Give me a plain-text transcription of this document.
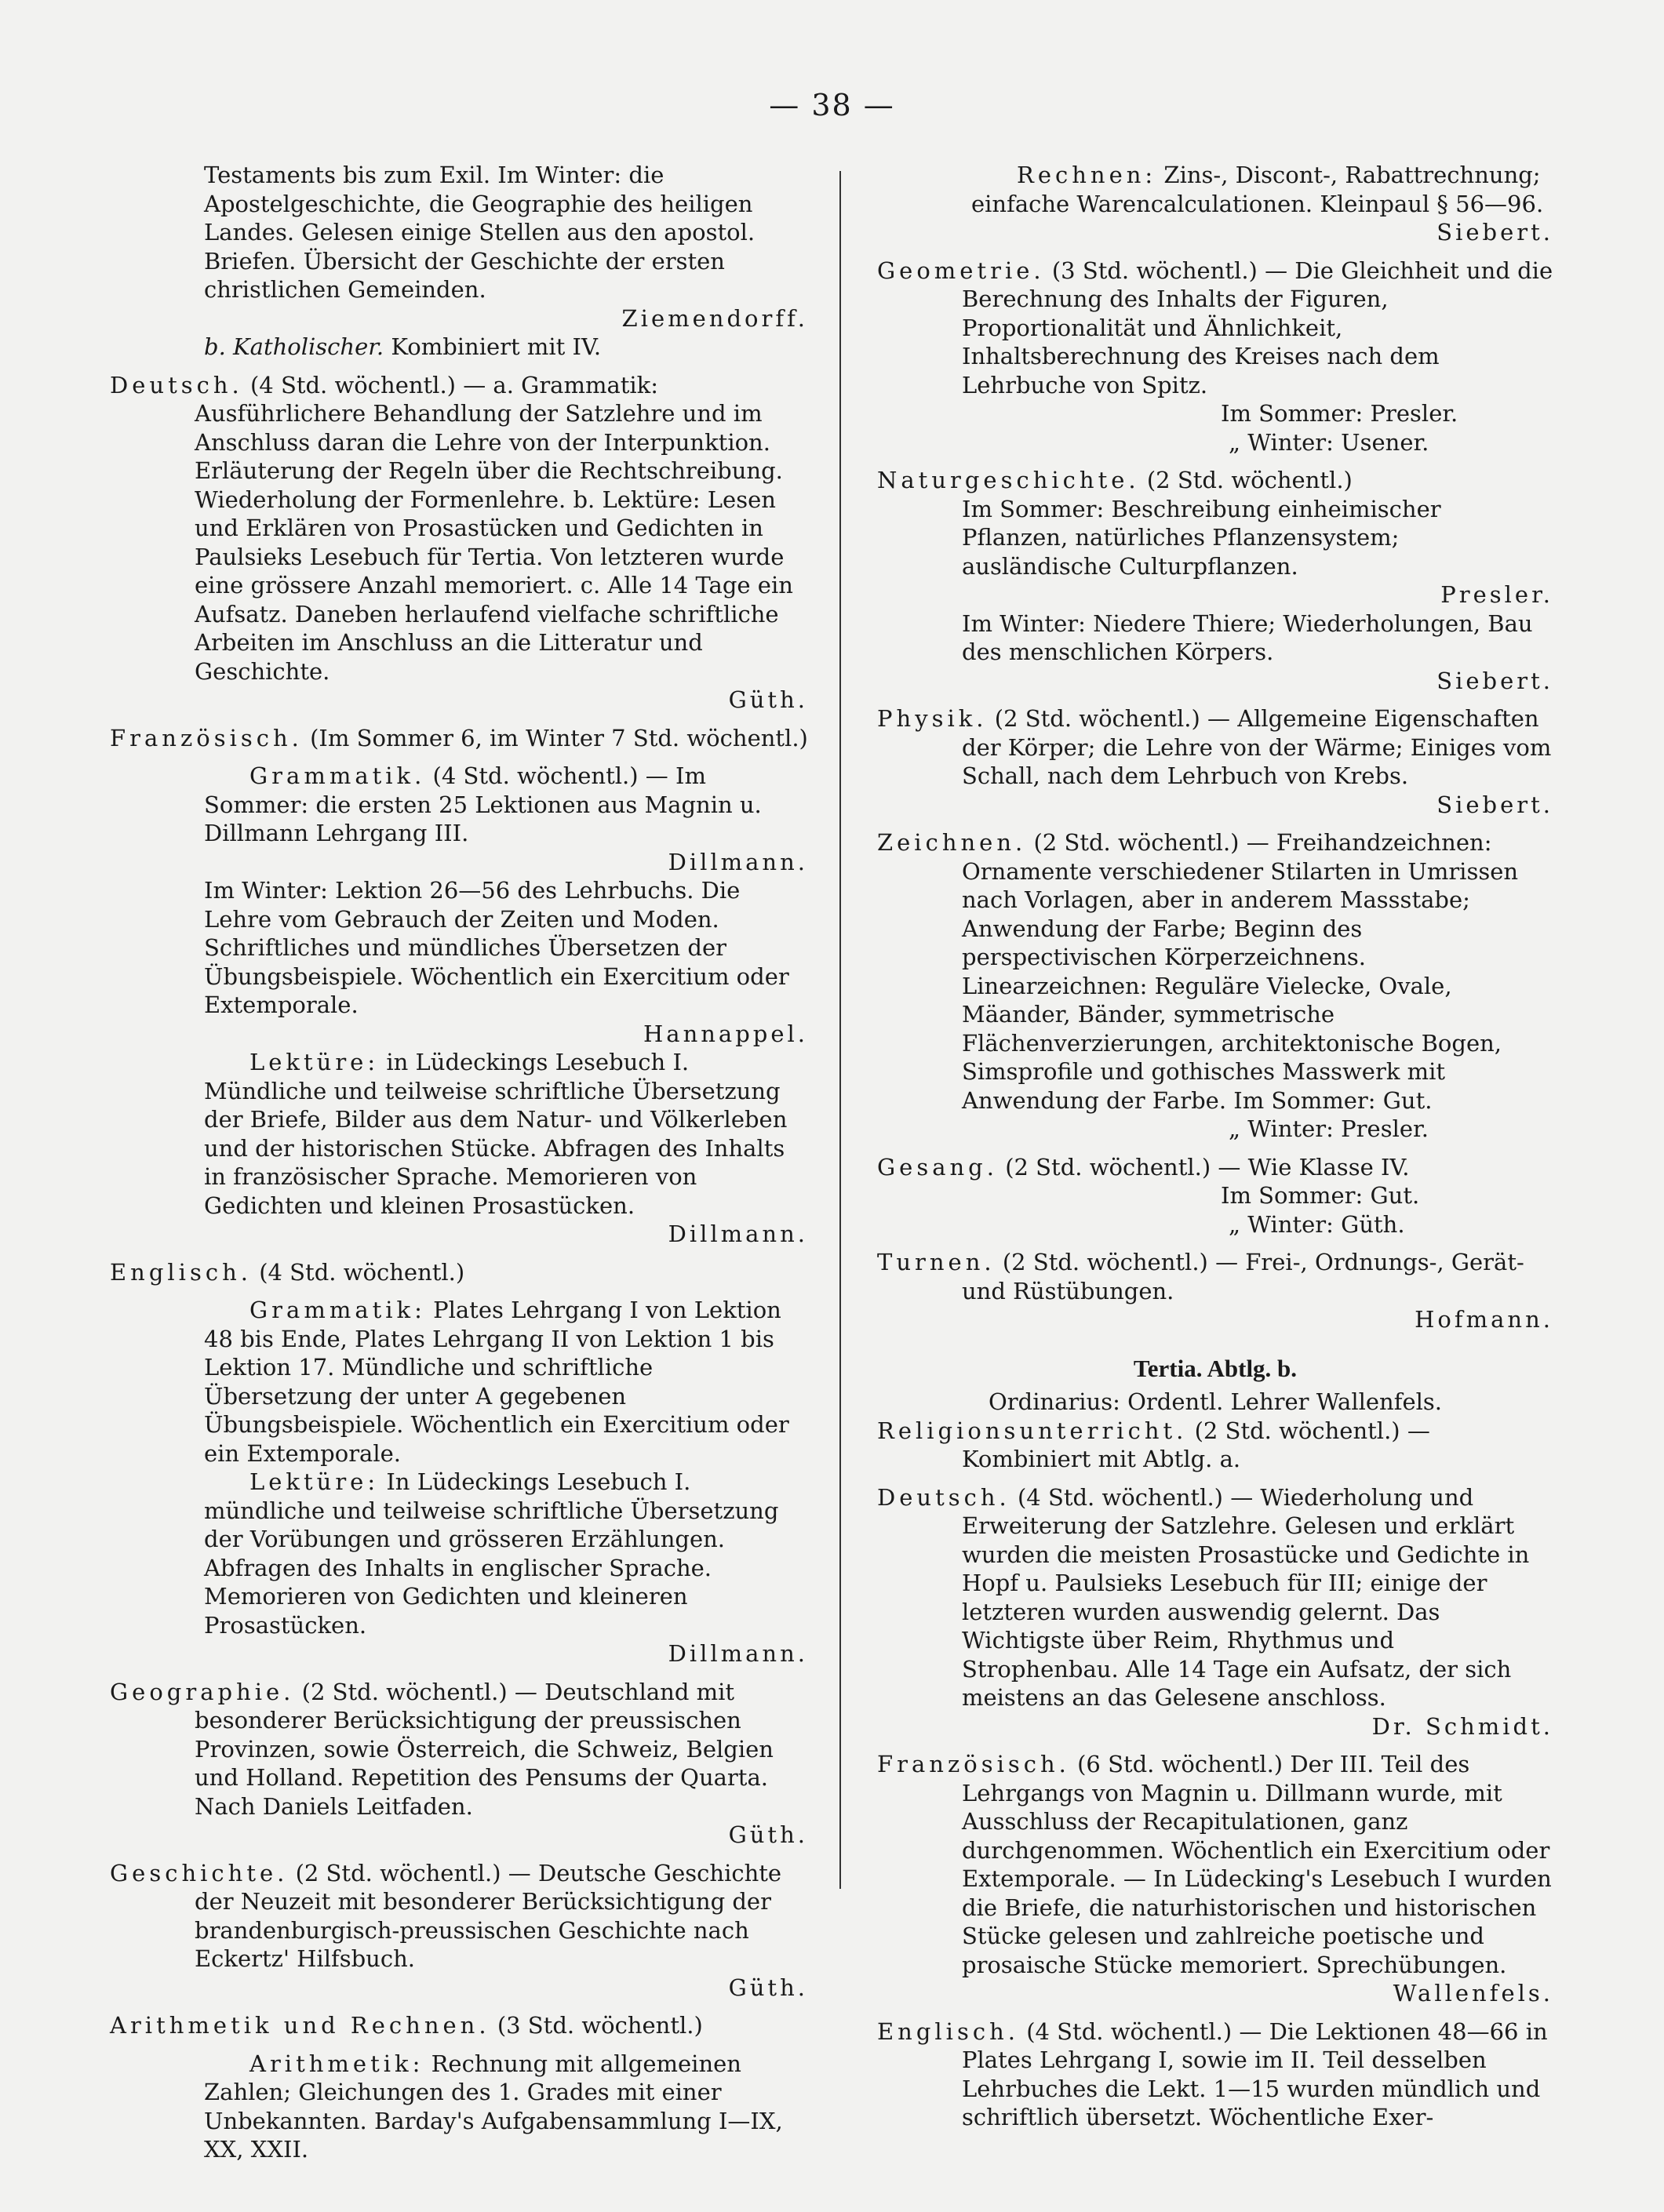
— 38 —

Testaments bis zum Exil. Im Winter: die Apostelgeschichte, die Geographie des heiligen Landes. Gelesen einige Stellen aus den apostol. Briefen. Übersicht der Geschichte der ersten christlichen Gemeinden.

Ziemendorff.

b. Katholischer. Kombiniert mit IV.

Deutsch. (4 Std. wöchentl.) — a. Grammatik: Ausführlichere Behandlung der Satzlehre und im Anschluss daran die Lehre von der Interpunktion. Erläuterung der Regeln über die Rechtschreibung. Wiederholung der Formenlehre. b. Lektüre: Lesen und Erklären von Prosastücken und Gedichten in Paulsieks Lesebuch für Tertia. Von letzteren wurde eine grössere Anzahl memoriert. c. Alle 14 Tage ein Aufsatz. Daneben herlaufend vielfache schriftliche Arbeiten im Anschluss an die Litteratur und Geschichte.

Güth.

Französisch. (Im Sommer 6, im Winter 7 Std. wöchentl.)

Grammatik. (4 Std. wöchentl.) — Im Sommer: die ersten 25 Lektionen aus Magnin u. Dillmann Lehrgang III.

Dillmann.

Im Winter: Lektion 26—56 des Lehrbuchs. Die Lehre vom Gebrauch der Zeiten und Moden. Schriftliches und mündliches Übersetzen der Übungsbeispiele. Wöchentlich ein Exercitium oder Extemporale.

Hannappel.

Lektüre: in Lüdeckings Lesebuch I. Mündliche und teilweise schriftliche Übersetzung der Briefe, Bilder aus dem Natur- und Völkerleben und der historischen Stücke. Abfragen des Inhalts in französischer Sprache. Memorieren von Gedichten und kleinen Prosastücken.

Dillmann.

Englisch. (4 Std. wöchentl.)

Grammatik: Plates Lehrgang I von Lektion 48 bis Ende, Plates Lehrgang II von Lektion 1 bis Lektion 17. Mündliche und schriftliche Übersetzung der unter A gegebenen Übungsbeispiele. Wöchentlich ein Exercitium oder ein Extemporale.

Lektüre: In Lüdeckings Lesebuch I. mündliche und teilweise schriftliche Übersetzung der Vorübungen und grösseren Erzählungen. Abfragen des Inhalts in englischer Sprache. Memorieren von Gedichten und kleineren Prosastücken.

Dillmann.

Geographie. (2 Std. wöchentl.) — Deutschland mit besonderer Berücksichtigung der preussischen Provinzen, sowie Österreich, die Schweiz, Belgien und Holland. Repetition des Pensums der Quarta. Nach Daniels Leitfaden.

Güth.

Geschichte. (2 Std. wöchentl.) — Deutsche Geschichte der Neuzeit mit besonderer Berücksichtigung der brandenburgisch-preussischen Geschichte nach Eckertz' Hilfsbuch.

Güth.

Arithmetik und Rechnen. (3 Std. wöchentl.)

Arithmetik: Rechnung mit allgemeinen Zahlen; Gleichungen des 1. Grades mit einer Unbekannten. Barday's Aufgabensammlung I—IX, XX, XXII.

Rechnen: Zins-, Discont-, Rabattrechnung; einfache Warencalculationen. Kleinpaul § 56—96.

Siebert.

Geometrie. (3 Std. wöchentl.) — Die Gleichheit und die Berechnung des Inhalts der Figuren, Proportionalität und Ähnlichkeit, Inhaltsberechnung des Kreises nach dem Lehrbuche von Spitz.

Im Sommer: Presler.

„ Winter: Usener.

Naturgeschichte. (2 Std. wöchentl.)

Im Sommer: Beschreibung einheimischer Pflanzen, natürliches Pflanzensystem; ausländische Culturpflanzen.

Presler.

Im Winter: Niedere Thiere; Wiederholungen, Bau des menschlichen Körpers.

Siebert.

Physik. (2 Std. wöchentl.) — Allgemeine Eigenschaften der Körper; die Lehre von der Wärme; Einiges vom Schall, nach dem Lehrbuch von Krebs.

Siebert.

Zeichnen. (2 Std. wöchentl.) — Freihandzeichnen: Ornamente verschiedener Stilarten in Umrissen nach Vorlagen, aber in anderem Massstabe; Anwendung der Farbe; Beginn des perspectivischen Körperzeichnens. Linearzeichnen: Reguläre Vielecke, Ovale, Mäander, Bänder, symmetrische Flächenverzierungen, architektonische Bogen, Simsprofile und gothisches Masswerk mit Anwendung der Farbe. Im Sommer: Gut.

„ Winter: Presler.

Gesang. (2 Std. wöchentl.) — Wie Klasse IV.

Im Sommer: Gut.

„ Winter: Güth.

Turnen. (2 Std. wöchentl.) — Frei-, Ordnungs-, Gerät- und Rüstübungen.

Hofmann.

Tertia. Abtlg. b.

Ordinarius: Ordentl. Lehrer Wallenfels.

Religionsunterricht. (2 Std. wöchentl.) — Kombiniert mit Abtlg. a.
Deutsch. (4 Std. wöchentl.) — Wiederholung und Erweiterung der Satzlehre. Gelesen und erklärt wurden die meisten Prosastücke und Gedichte in Hopf u. Paulsieks Lesebuch für III; einige der letzteren wurden auswendig gelernt. Das Wichtigste über Reim, Rhythmus und Strophenbau. Alle 14 Tage ein Aufsatz, der sich meistens an das Gelesene anschloss.

Dr. Schmidt.

Französisch. (6 Std. wöchentl.) Der III. Teil des Lehrgangs von Magnin u. Dillmann wurde, mit Ausschluss der Recapitulationen, ganz durchgenommen. Wöchentlich ein Exercitium oder Extemporale. — In Lüdecking's Lesebuch I wurden die Briefe, die naturhistorischen und historischen Stücke gelesen und zahlreiche poetische und prosaische Stücke memoriert. Sprechübungen.

Wallenfels.

Englisch. (4 Std. wöchentl.) — Die Lektionen 48—66 in Plates Lehrgang I, sowie im II. Teil desselben Lehrbuches die Lekt. 1—15 wurden mündlich und schriftlich übersetzt. Wöchentliche Exer-
